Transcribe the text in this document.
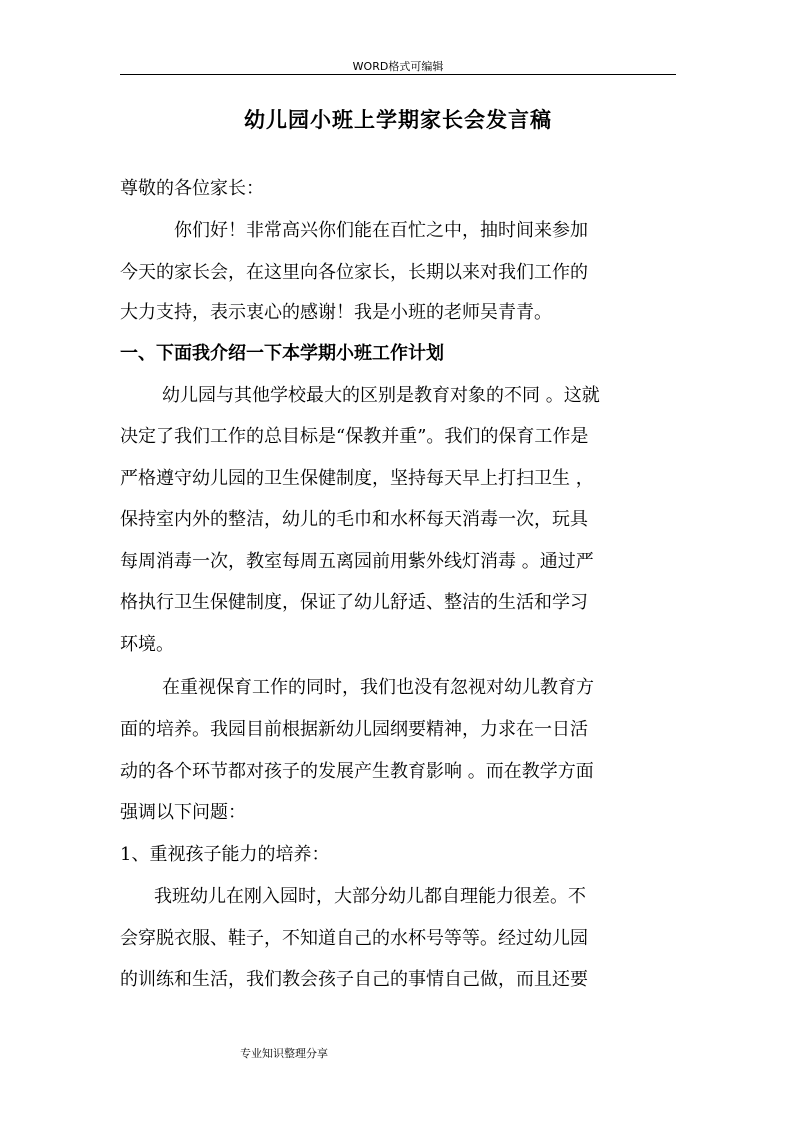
WORD格式可编辑
幼儿园小班上学期家长会发言稿
尊敬的各位家长：
你们好！非常高兴你们能在百忙之中，抽时间来参加
今天的家长会，在这里向各位家长，长期以来对我们工作的
大力支持，表示衷心的感谢！我是小班的老师吴青青。
一、下面我介绍一下本学期小班工作计划
幼儿园与其他学校最大的区别是教育对象的不同 。这就
决定了我们工作的总目标是“保教并重”。我们的保育工作是
严格遵守幼儿园的卫生保健制度，坚持每天早上打扫卫生 ，
保持室内外的整洁，幼儿的毛巾和水杯每天消毒一次，玩具
每周消毒一次，教室每周五离园前用紫外线灯消毒 。通过严
格执行卫生保健制度，保证了幼儿舒适、整洁的生活和学习
环境。
在重视保育工作的同时，我们也没有忽视对幼儿教育方
面的培养。我园目前根据新幼儿园纲要精神，力求在一日活
动的各个环节都对孩子的发展产生教育影响 。而在教学方面
强调以下问题：
1、重视孩子能力的培养：
我班幼儿在刚入园时，大部分幼儿都自理能力很差。不
会穿脱衣服、鞋子，不知道自己的水杯号等等。经过幼儿园
的训练和生活，我们教会孩子自己的事情自己做，而且还要
专业知识整理分享
